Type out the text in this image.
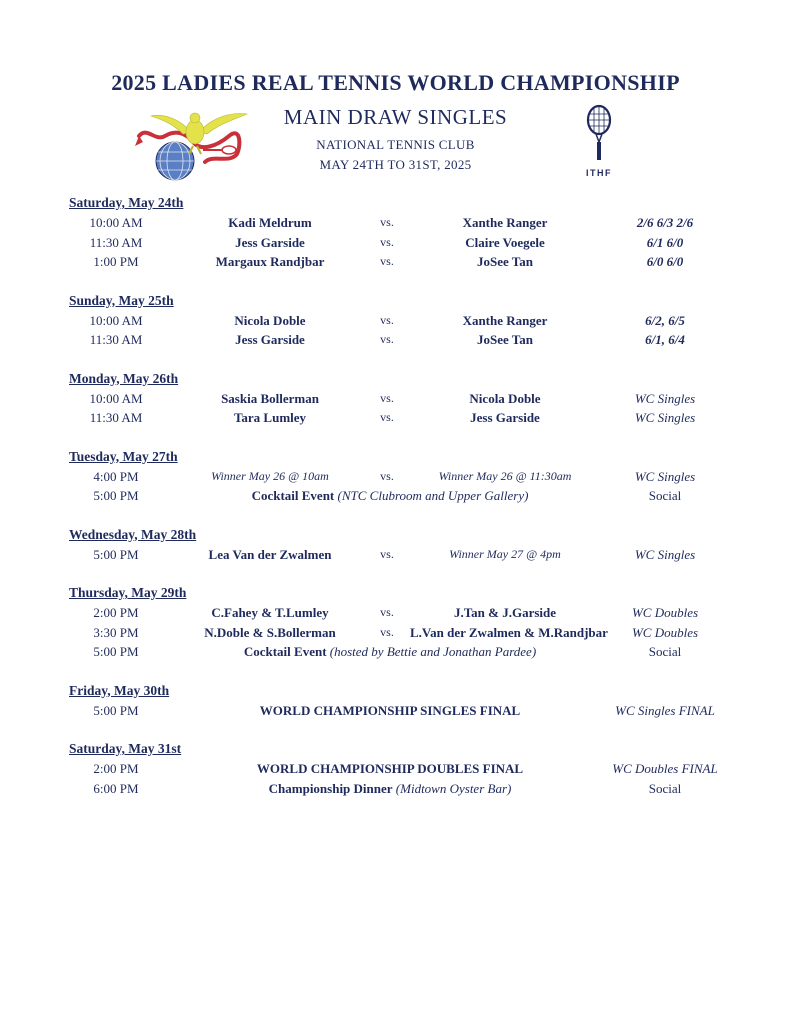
2025 LADIES REAL TENNIS WORLD CHAMPIONSHIP
MAIN DRAW SINGLES
NATIONAL TENNIS CLUB
MAY 24TH TO 31ST, 2025
ITHF
Saturday, May 24th
10:00 AM	Kadi Meldrum	vs.	Xanthe Ranger	2/6 6/3 2/6
11:30 AM	Jess Garside	vs.	Claire Voegele	6/1 6/0
1:00 PM	Margaux Randjbar	vs.	JoSee Tan	6/0 6/0
Sunday, May 25th
10:00 AM	Nicola Doble	vs.	Xanthe Ranger	6/2, 6/5
11:30 AM	Jess Garside	vs.	JoSee Tan	6/1, 6/4
Monday, May 26th
10:00 AM	Saskia Bollerman	vs.	Nicola Doble	WC Singles
11:30 AM	Tara Lumley	vs.	Jess Garside	WC Singles
Tuesday, May 27th
4:00 PM	Winner May 26 @ 10am	vs.	Winner May 26 @ 11:30am	WC Singles
5:00 PM	Cocktail Event (NTC Clubroom and Upper Gallery)	Social
Wednesday, May 28th
5:00 PM	Lea Van der Zwalmen	vs.	Winner May 27 @ 4pm	WC Singles
Thursday, May 29th
2:00 PM	C.Fahey & T.Lumley	vs.	J.Tan & J.Garside	WC Doubles
3:30 PM	N.Doble & S.Bollerman	vs.	L.Van der Zwalmen & M.Randjbar	WC Doubles
5:00 PM	Cocktail Event (hosted by Bettie and Jonathan Pardee)	Social
Friday, May 30th
5:00 PM	WORLD CHAMPIONSHIP SINGLES FINAL	WC Singles FINAL
Saturday, May 31st
2:00 PM	WORLD CHAMPIONSHIP DOUBLES FINAL	WC Doubles FINAL
6:00 PM	Championship Dinner (Midtown Oyster Bar)	Social
